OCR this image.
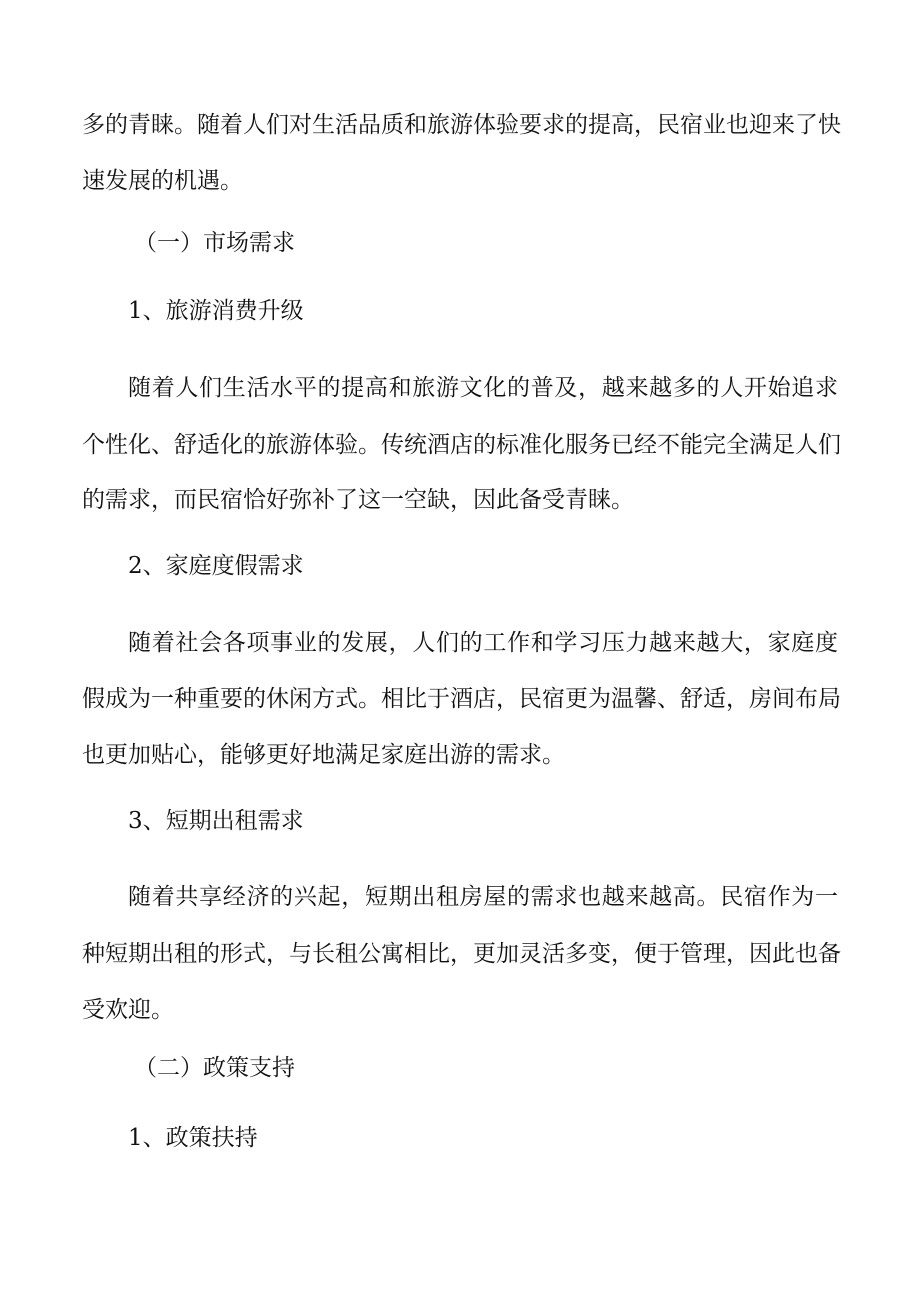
多的青睐。随着人们对生活品质和旅游体验要求的提高，民宿业也迎来了快
速发展的机遇。
（一）市场需求
1、旅游消费升级
随着人们生活水平的提高和旅游文化的普及，越来越多的人开始追求
个性化、舒适化的旅游体验。传统酒店的标准化服务已经不能完全满足人们
的需求，而民宿恰好弥补了这一空缺，因此备受青睐。
2、家庭度假需求
随着社会各项事业的发展，人们的工作和学习压力越来越大，家庭度
假成为一种重要的休闲方式。相比于酒店，民宿更为温馨、舒适，房间布局
也更加贴心，能够更好地满足家庭出游的需求。
3、短期出租需求
随着共享经济的兴起，短期出租房屋的需求也越来越高。民宿作为一
种短期出租的形式，与长租公寓相比，更加灵活多变，便于管理，因此也备
受欢迎。
（二）政策支持
1、政策扶持
